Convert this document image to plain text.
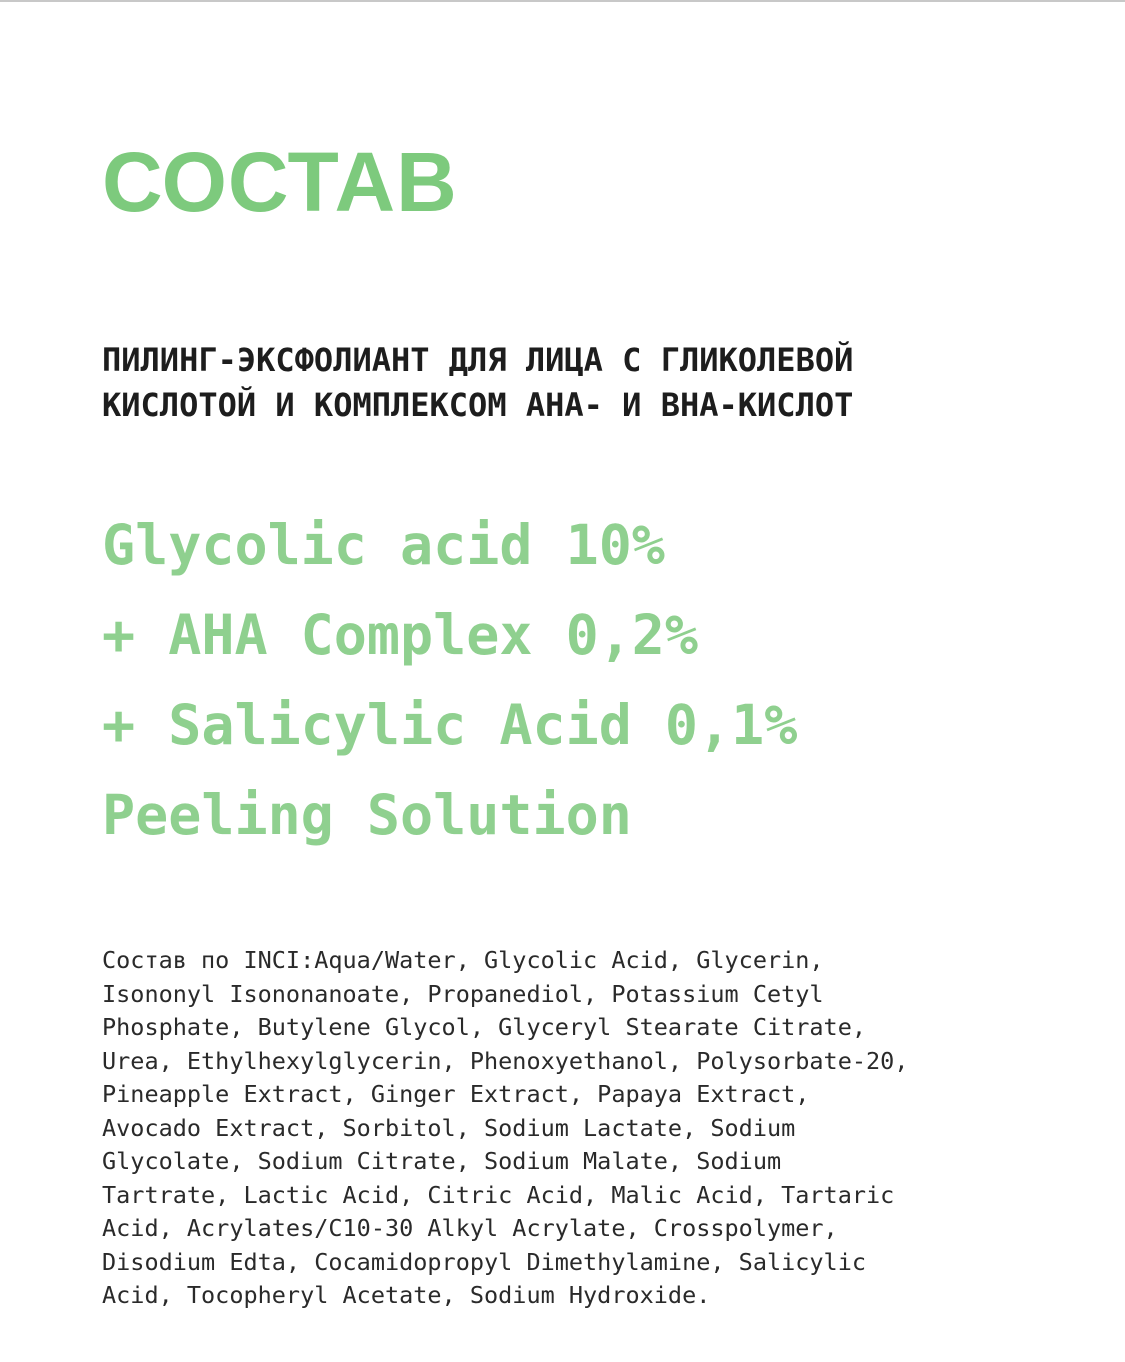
СОСТАВ
ПИЛИНГ-ЭКСФОЛИАНТ ДЛЯ ЛИЦА С ГЛИКОЛЕВОЙ
КИСЛОТОЙ И КОМПЛЕКСОМ АНА- И ВНА-КИСЛОТ
Glycolic acid 10%
+ AHA Complex 0,2%
+ Salicylic Acid 0,1%
Peeling Solution
Состав по INCI:Aqua/Water, Glycolic Acid, Glycerin,
Isononyl Isononanoate, Propanediol, Potassium Cetyl
Phosphate, Butylene Glycol, Glyceryl Stearate Citrate,
Urea, Ethylhexylglycerin, Phenoxyethanol, Polysorbate-20,
Pineapple Extract, Ginger Extract, Papaya Extract,
Avocado Extract, Sorbitol, Sodium Lactate, Sodium
Glycolate, Sodium Citrate, Sodium Malate, Sodium
Tartrate, Lactic Acid, Citric Acid, Malic Acid, Tartaric
Acid, Acrylates/C10-30 Alkyl Acrylate, Crosspolymer,
Disodium Edta, Cocamidopropyl Dimethylamine, Salicylic
Acid, Tocopheryl Acetate, Sodium Hydroxide.
